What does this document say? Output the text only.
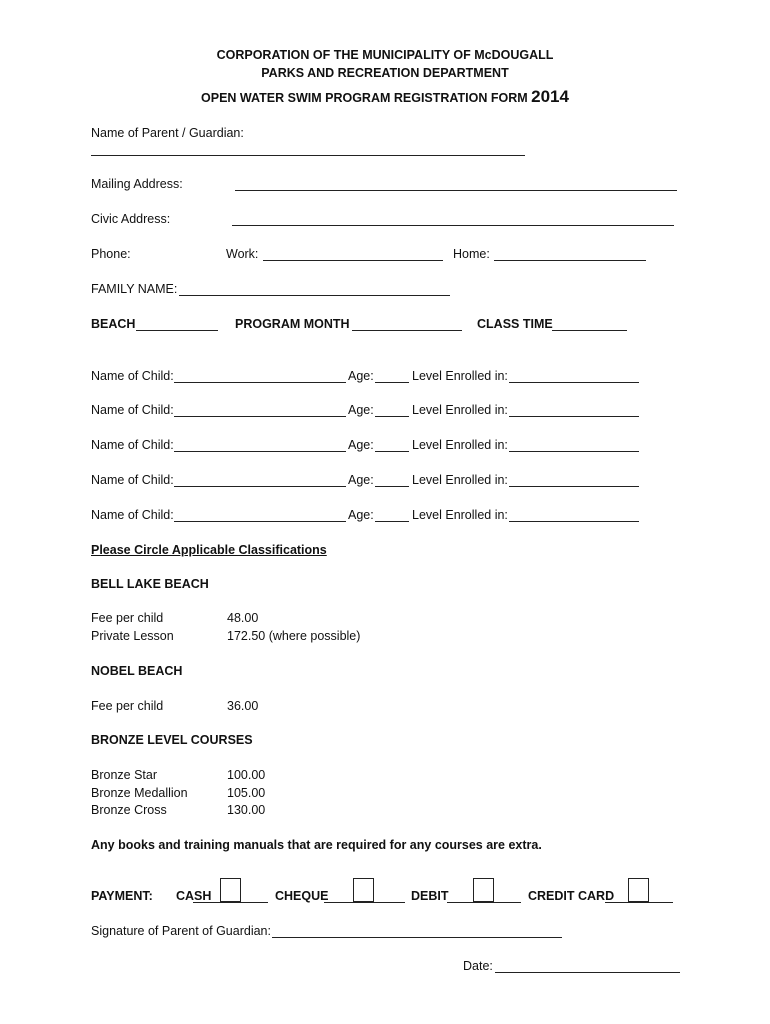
CORPORATION OF THE MUNICIPALITY OF McDOUGALL
PARKS AND RECREATION DEPARTMENT
OPEN WATER SWIM PROGRAM REGISTRATION FORM 2014
Name of Parent / Guardian:
Mailing Address:
Civic Address:
Phone:	Work:	Home:
FAMILY NAME:
BEACH	PROGRAM MONTH	CLASS TIME
Name of Child:	Age:	Level Enrolled in:
Name of Child:	Age:	Level Enrolled in:
Name of Child:	Age:	Level Enrolled in:
Name of Child:	Age:	Level Enrolled in:
Name of Child:	Age:	Level Enrolled in:
Please Circle Applicable Classifications
BELL LAKE BEACH
Fee per child	48.00
Private Lesson	172.50 (where possible)
NOBEL BEACH
Fee per child	36.00
BRONZE LEVEL COURSES
Bronze Star	100.00
Bronze Medallion	105.00
Bronze Cross	130.00
Any books and training manuals that are required for any courses are extra.
PAYMENT: CASH	CHEQUE	DEBIT	CREDIT CARD
Signature of Parent of Guardian:
Date:
